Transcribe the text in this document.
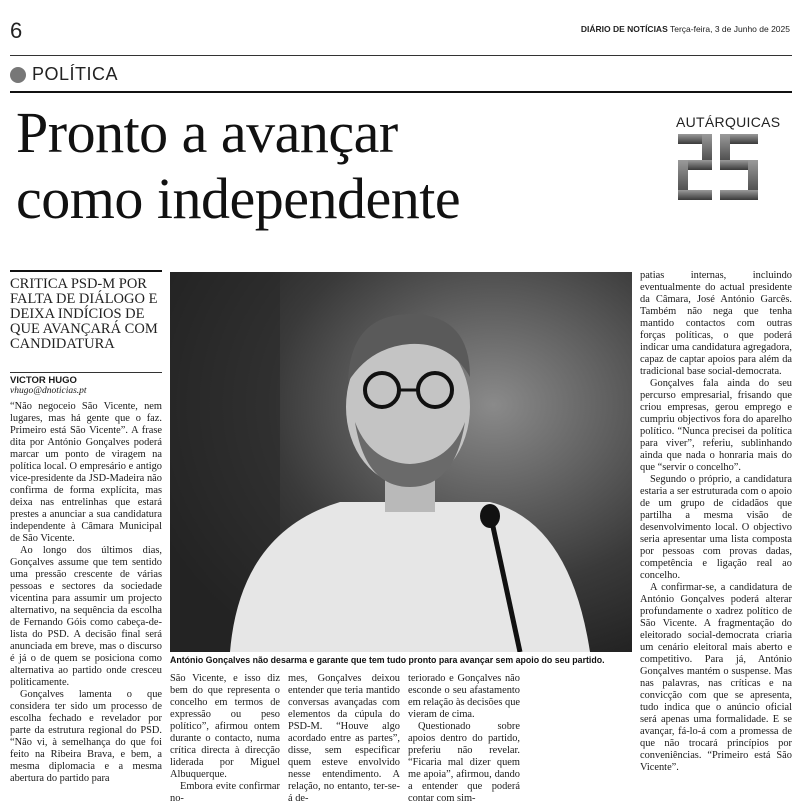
6	DIÁRIO DE NOTÍCIAS Terça-feira, 3 de Junho de 2025
POLÍTICA
Pronto a avançar
como independente
AUTÁRQUICAS
CRITICA PSD-M POR FALTA DE DIÁLOGO E DEIXA INDÍCIOS DE QUE AVANÇARÁ COM CANDIDATURA
VICTOR HUGO
vhugo@dnoticias.pt

“Não negoceio São Vicente, nem lugares, mas há gente que o faz. Primeiro está São Vicente”. A frase dita por António Gonçalves poderá marcar um ponto de viragem na política local. O empresário e antigo vice-presidente da JSD-Madeira não confirma de forma explícita, mas deixa nas entrelinhas que estará prestes a anunciar a sua candidatura independente à Câmara Municipal de São Vicente.

Ao longo dos últimos dias, Gonçalves assume que tem sentido uma pressão crescente de várias pessoas e sectores da sociedade vicentina para assumir um projecto alternativo, na sequência da escolha de Fernando Góis como cabeça-de-lista do PSD. A decisão final será anunciada em breve, mas o discurso é já o de quem se posiciona como alternativa ao partido onde cresceu politicamente.

Gonçalves lamenta o que considera ter sido um processo de escolha fechado e revelador por parte da estrutura regional do PSD. “Não vi, à semelhança do que foi feito na Ribeira Brava, e bem, a mesma diplomacia e a mesma abertura do partido para

António Gonçalves não desarma e garante que tem tudo pronto para avançar sem apoio do seu partido.

São Vicente, e isso diz bem do que representa o concelho em termos de expressão ou peso político”, afirmou ontem durante o contacto, numa crítica directa à direcção liderada por Miguel Albuquerque.

Embora evite confirmar no-

mes, Gonçalves deixou entender que teria mantido conversas avançadas com elementos da cúpula do PSD-M. “Houve algo acordado entre as partes”, disse, sem especificar quem esteve envolvido nesse entendimento. A relação, no entanto, ter-se-á de-

teriorado e Gonçalves não esconde o seu afastamento em relação às decisões que vieram de cima.

Questionado sobre apoios dentro do partido, preferiu não revelar. “Ficaria mal dizer quem me apoia”, afirmou, dando a entender que poderá contar com sim-

patias internas, incluindo eventualmente do actual presidente da Câmara, José António Garcês. Também não nega que tenha mantido contactos com outras forças políticas, o que poderá indicar uma candidatura agregadora, capaz de captar apoios para além da tradicional base social-democrata.

Gonçalves fala ainda do seu percurso empresarial, frisando que criou empresas, gerou emprego e cumpriu objectivos fora do aparelho político. “Nunca precisei da política para viver”, referiu, sublinhando ainda que nada o honraria mais do que “servir o concelho”.

Segundo o próprio, a candidatura estaria a ser estruturada com o apoio de um grupo de cidadãos que partilha a mesma visão de desenvolvimento local. O objectivo seria apresentar uma lista composta por pessoas com provas dadas, competência e ligação real ao concelho.

A confirmar-se, a candidatura de António Gonçalves poderá alterar profundamente o xadrez político de São Vicente. A fragmentação do eleitorado social-democrata criaria um cenário eleitoral mais aberto e competitivo. Para já, António Gonçalves mantém o suspense. Mas nas palavras, nas críticas e na convicção com que se apresenta, tudo indica que o anúncio oficial será apenas uma formalidade. E se avançar, fá-lo-á com a promessa de que não trocará princípios por conveniências. “Primeiro está São Vicente”.
